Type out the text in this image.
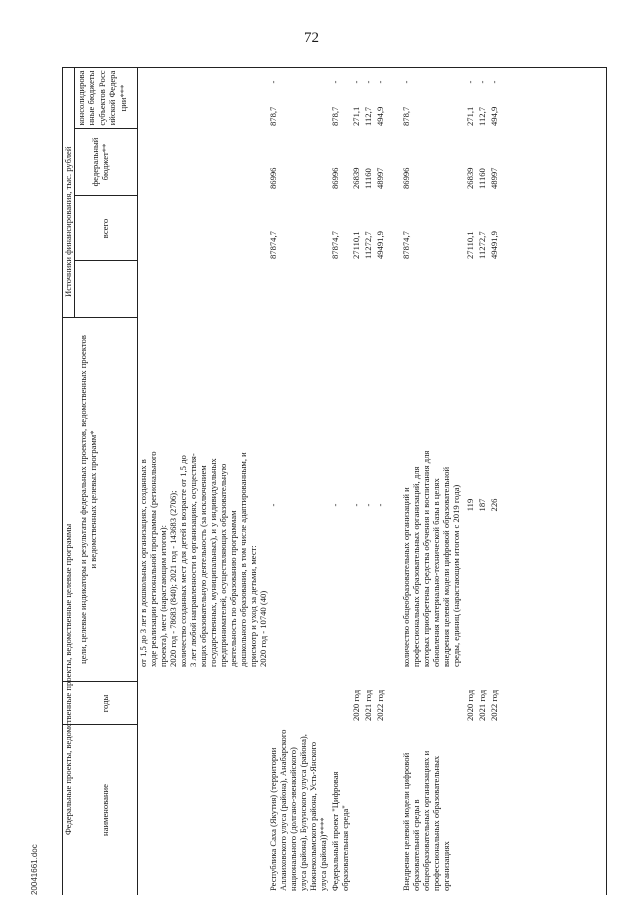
72
Федеральные проекты, ведомственные проекты, ведомственные целевые программы
Источники финансирования, тыс. рублей
наименование
годы
цели, целевые индикаторы и результаты федеральных проектов, ведомственных проектов и ведомственных целевых программ*
всего
федеральный бюджет**
консолидированные бюджеты субъектов Российской Федерации***
от 1,5 до 3 лет в дошкольных организациях, созданных в ходе реализации региональной программы (регионального проекта), мест (нарастающим итогом): 2020 год - 78683 (840); 2021 год - 143683 (2706); количество созданных мест для детей в возрасте от 1,5 до 3 лет любой направленности в организациях, осуществля- ющих образовательную деятельность (за исключением государственных, муниципальных), и у индивидуальных предпринимателей, осуществляющих образовательную деятельность по образованию программам дошкольного образования, в том числе адаптированным, и присмотр и уход за детьми, мест: 2020 год - 10740 (40)
Республика Саха (Якутия) (территории Аллаиховского улуса (района), Анабарского национального (долгано-эвенкийского) улуса (района), Булунского улуса (района), Нижнеколымского района, Усть-Янского улуса (района))****
-
87874,7
86996
878,7
-
Федеральный проект "Цифровая образовательная среда"
-
87874,7
86996
878,7
-
2020 год
-
27110,1
26839
271,1
-
2021 год
-
11272,7
11160
112,7
-
2022 год
-
49491,9
48997
494,9
-
Внедрение целевой модели цифровой образовательной среды в общеобразовательных организациях и профессиональных образовательных организациях
количество общеобразовательных организаций и профессиональных образовательных организаций, для которых приобретены средства обучения и воспитания для обновления материально-технической базы в целях внедрения целевой модели цифровой образовательной среды, единиц (нарастающим итогом с 2019 года)
87874,7
86996
878,7
-
2020 год
119
27110,1
26839
271,1
-
2021 год
187
11272,7
11160
112,7
-
2022 год
226
49491,9
48997
494,9
-
20041661.doc
